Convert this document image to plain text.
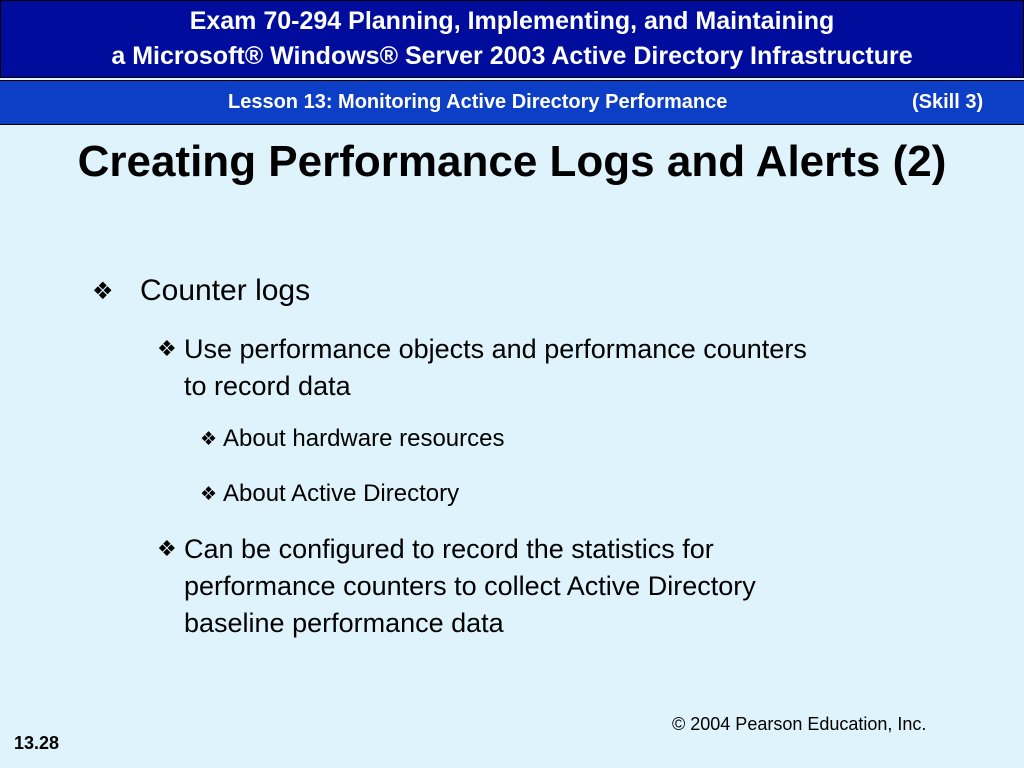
Exam 70-294 Planning, Implementing, and Maintaining
a Microsoft® Windows® Server 2003 Active Directory Infrastructure
Lesson 13: Monitoring Active Directory Performance	(Skill 3)
Creating Performance Logs and Alerts (2)
❖ Counter logs
❖ Use performance objects and performance counters
to record data
❖ About hardware resources
❖ About Active Directory
❖ Can be configured to record the statistics for
performance counters to collect Active Directory
baseline performance data
© 2004 Pearson Education, Inc.
13.28
